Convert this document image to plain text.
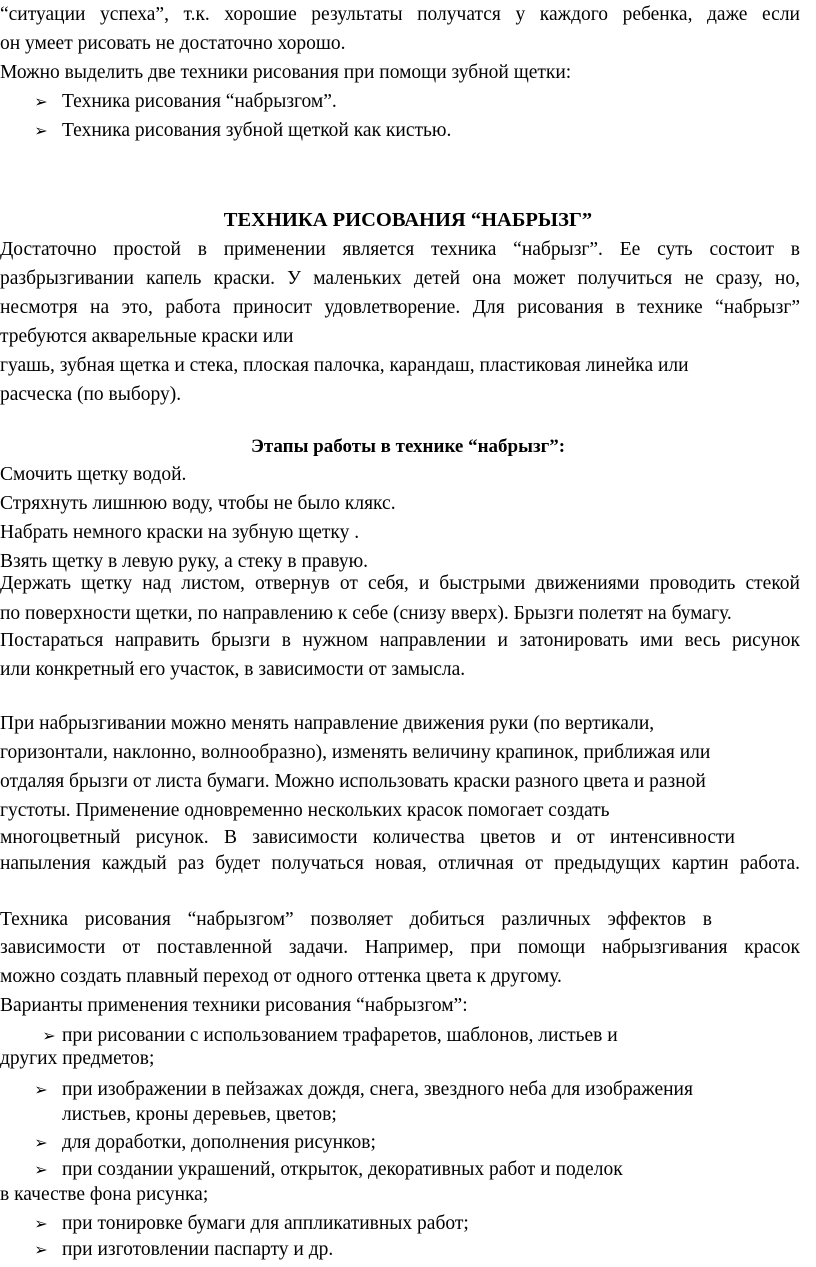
“ситуации успеха”, т.к. хорошие результаты получатся у каждого ребенка, даже если

он умеет рисовать не достаточно хорошо.

Можно выделить две техники рисования при помощи зубной щетки:

➢ Техника рисования “набрызгом”.

➢ Техника рисования зубной щеткой как кистью.

ТЕХНИКА РИСОВАНИЯ “НАБРЫЗГ”

Достаточно простой в применении является техника “набрызг”. Ее суть состоит в

разбрызгивании капель краски. У маленьких детей она может получиться не сразу, но,

несмотря на это, работа приносит удовлетворение. Для рисования в технике “набрызг”

требуются акварельные краски или

гуашь, зубная щетка и стека, плоская палочка, карандаш, пластиковая линейка или

расческа (по выбору).

Этапы работы в технике “набрызг”:

Смочить щетку водой.

Стряхнуть лишнюю воду, чтобы не было клякс.

Набрать немного краски на зубную щетку .

Взять щетку в левую руку, а стеку в правую.

Держать щетку над листом, отвернув от себя, и быстрыми движениями проводить стекой

по поверхности щетки, по направлению к себе (снизу вверх). Брызги полетят на бумагу.

Постараться направить брызги в нужном направлении и затонировать ими весь рисунок

или конкретный его участок, в зависимости от замысла.

При набрызгивании можно менять направление движения руки (по вертикали,

горизонтали, наклонно, волнообразно), изменять величину крапинок, приближая или

отдаляя брызги от листа бумаги. Можно использовать краски разного цвета и разной

густоты. Применение одновременно нескольких красок помогает создать

многоцветный рисунок. В зависимости количества цветов и от интенсивности

напыления каждый раз будет получаться новая, отличная от предыдущих картин работа.

Техника рисования “набрызгом” позволяет добиться различных эффектов в

зависимости от поставленной задачи. Например, при помощи набрызгивания красок

можно создать плавный переход от одного оттенка цвета к другому.

Варианты применения техники рисования “набрызгом”:

➢ при рисовании с использованием трафаретов, шаблонов, листьев и

других предметов;

➢ при изображении в пейзажах дождя, снега, звездного неба для изображения

листьев, кроны деревьев, цветов;

➢ для доработки, дополнения рисунков;

➢ при создании украшений, открыток, декоративных работ и поделок

в качестве фона рисунка;

➢ при тонировке бумаги для аппликативных работ;

➢ при изготовлении паспарту и др.
